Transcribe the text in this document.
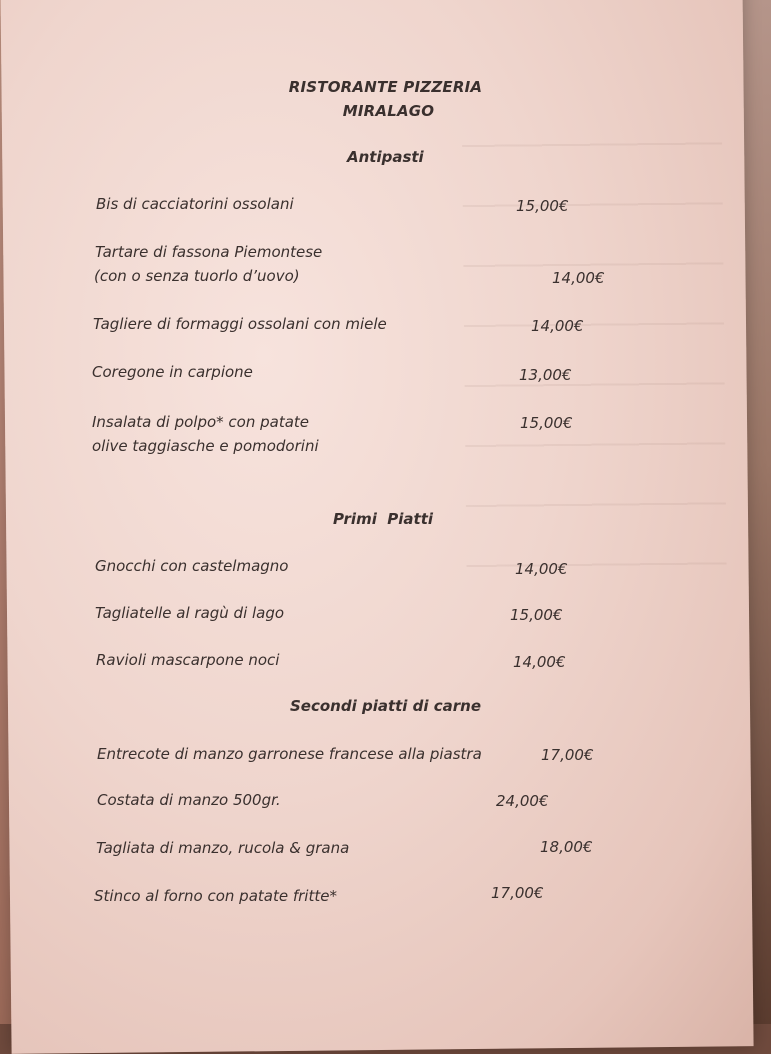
RISTORANTE PIZZERIA
MIRALAGO
Antipasti
Bis di cacciatorini ossolani	15,00€
Tartare di fassona Piemontese
(con o senza tuorlo d’uovo)	14,00€
Tagliere di formaggi ossolani con miele	14,00€
Coregone in carpione	13,00€
Insalata di polpo* con patate
olive taggiasche e pomodorini
15,00€
Primi  Piatti
Gnocchi con castelmagno	14,00€
Tagliatelle al ragù di lago	15,00€
Ravioli mascarpone noci	14,00€
Secondi piatti di carne
Entrecote di manzo garronese francese alla piastra	17,00€
Costata di manzo 500gr.	24,00€
Tagliata di manzo, rucola & grana	18,00€
Stinco al forno con patate fritte*	17,00€
